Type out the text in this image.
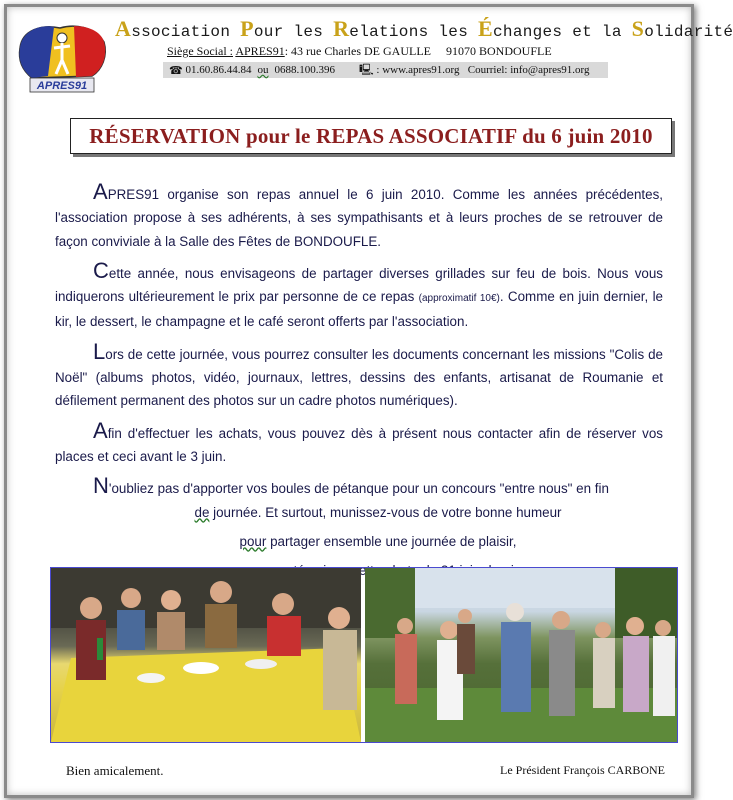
APRES91
Association Pour les Relations les Échanges et la Solidarité
Siège Social : APRES91: 43 rue Charles DE GAULLE 91070 BONDOUFLE
☎ 01.60.86.44.84 ou 0688.100.396 🖳 : www.apres91.org
Courriel: info@apres91.org
RÉSERVATION pour le REPAS ASSOCIATIF du 6 juin 2010

APRES91 organise son repas annuel le 6 juin 2010. Comme les années précédentes, l'association propose à ses adhérents, à ses sympathisants et à leurs proches de se retrouver de façon conviviale à la Salle des Fêtes de BONDOUFLE.

Cette année, nous envisageons de partager diverses grillades sur feu de bois. Nous vous indiquerons ultérieurement le prix par personne de ce repas (approximatif 10€). Comme en juin dernier, le kir, le dessert, le champagne et le café seront offerts par l'association.

Lors de cette journée, vous pourrez consulter les documents concernant les missions "Colis de Noël" (albums photos, vidéo, journaux, lettres, dessins des enfants, artisanat de Roumanie et défilement permanent des photos sur un cadre photos numériques).

Afin d'effectuer les achats, vous pouvez dès à présent nous contacter afin de réserver vos places et ceci avant le 3 juin.

N'oubliez pas d'apporter vos boules de pétanque pour un concours "entre nous" en fin

de journée. Et surtout, munissez-vous de votre bonne humeur

pour partager ensemble une journée de plaisir,

Bien amicalement.	Le Président François CARBONE
